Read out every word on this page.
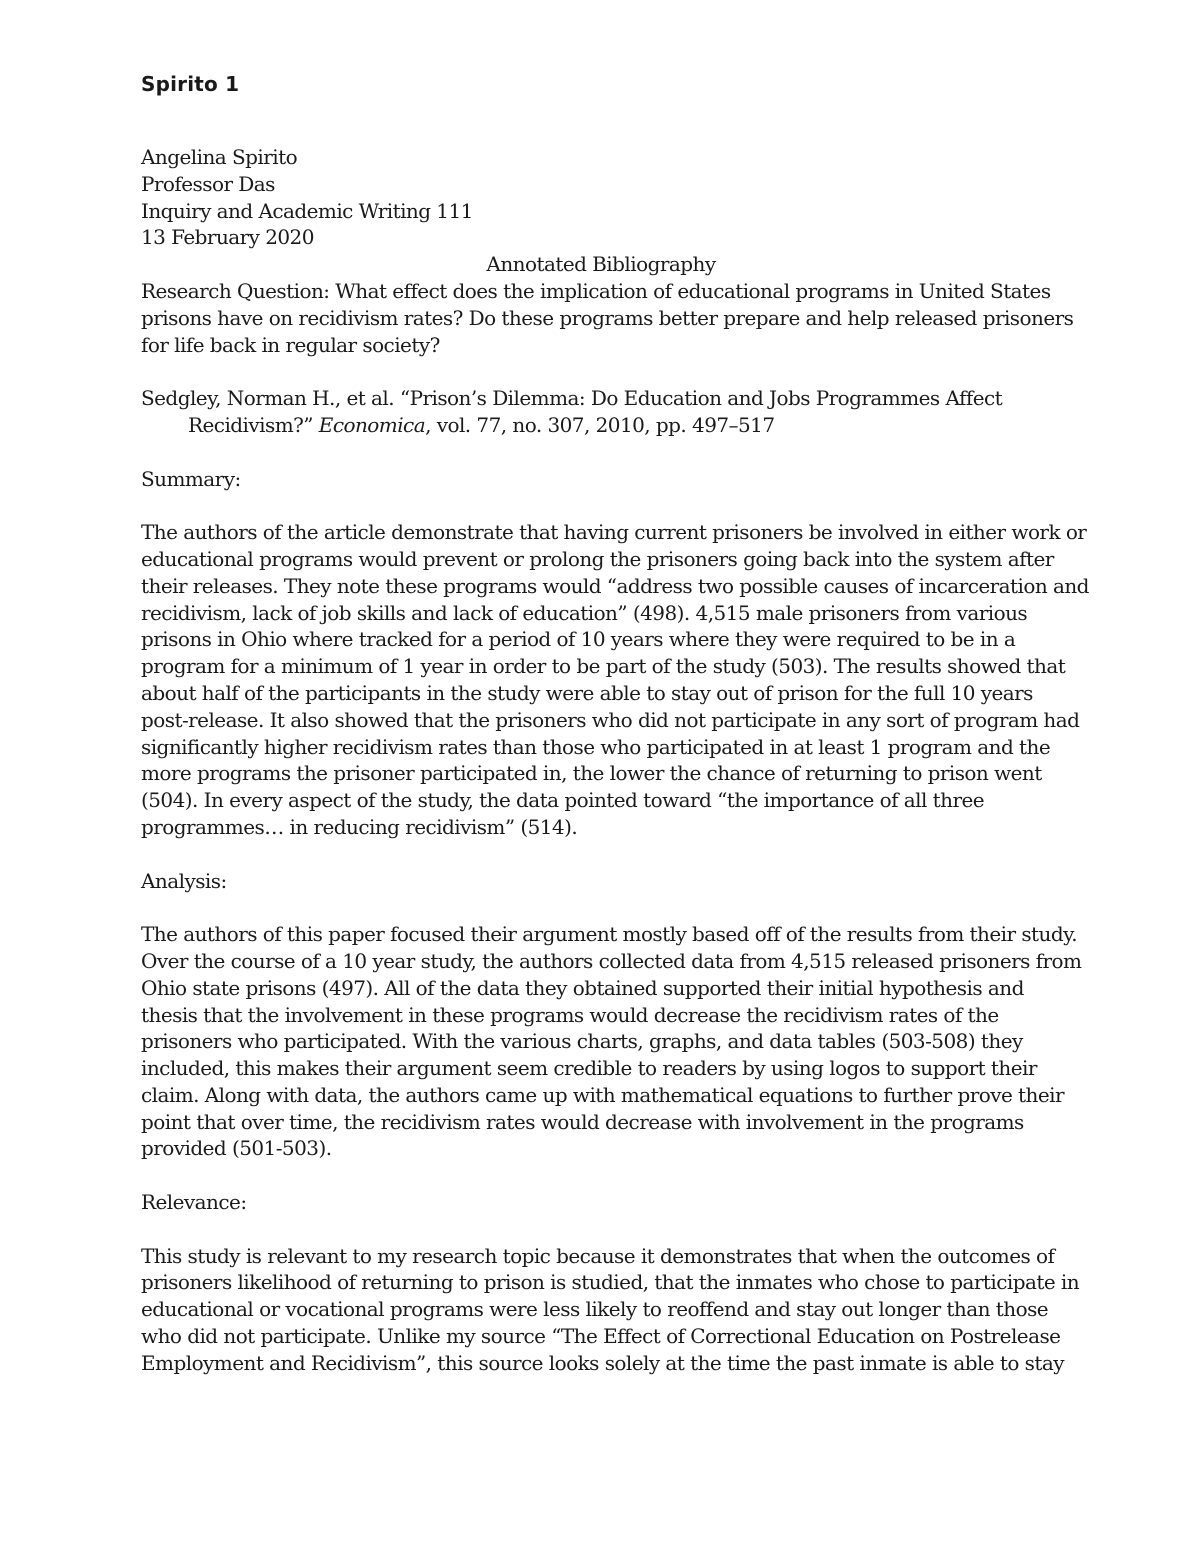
Spirito 1
Angelina Spirito
Professor Das
Inquiry and Academic Writing 111
13 February 2020
Annotated Bibliography
Research Question: What effect does the implication of educational programs in United States
prisons have on recidivism rates? Do these programs better prepare and help released prisoners
for life back in regular society?
Sedgley, Norman H., et al. “Prison’s Dilemma: Do Education and Jobs Programmes Affect
Recidivism?” Economica, vol. 77, no. 307, 2010, pp. 497–517
Summary:
The authors of the article demonstrate that having current prisoners be involved in either work or
educational programs would prevent or prolong the prisoners going back into the system after
their releases. They note these programs would “address two possible causes of incarceration and
recidivism, lack of job skills and lack of education” (498). 4,515 male prisoners from various
prisons in Ohio where tracked for a period of 10 years where they were required to be in a
program for a minimum of 1 year in order to be part of the study (503). The results showed that
about half of the participants in the study were able to stay out of prison for the full 10 years
post-release. It also showed that the prisoners who did not participate in any sort of program had
significantly higher recidivism rates than those who participated in at least 1 program and the
more programs the prisoner participated in, the lower the chance of returning to prison went
(504). In every aspect of the study, the data pointed toward “the importance of all three
programmes… in reducing recidivism” (514).
Analysis:
The authors of this paper focused their argument mostly based off of the results from their study.
Over the course of a 10 year study, the authors collected data from 4,515 released prisoners from
Ohio state prisons (497). All of the data they obtained supported their initial hypothesis and
thesis that the involvement in these programs would decrease the recidivism rates of the
prisoners who participated. With the various charts, graphs, and data tables (503-508) they
included, this makes their argument seem credible to readers by using logos to support their
claim. Along with data, the authors came up with mathematical equations to further prove their
point that over time, the recidivism rates would decrease with involvement in the programs
provided (501-503).
Relevance:
This study is relevant to my research topic because it demonstrates that when the outcomes of
prisoners likelihood of returning to prison is studied, that the inmates who chose to participate in
educational or vocational programs were less likely to reoffend and stay out longer than those
who did not participate. Unlike my source “The Effect of Correctional Education on Postrelease
Employment and Recidivism”, this source looks solely at the time the past inmate is able to stay
